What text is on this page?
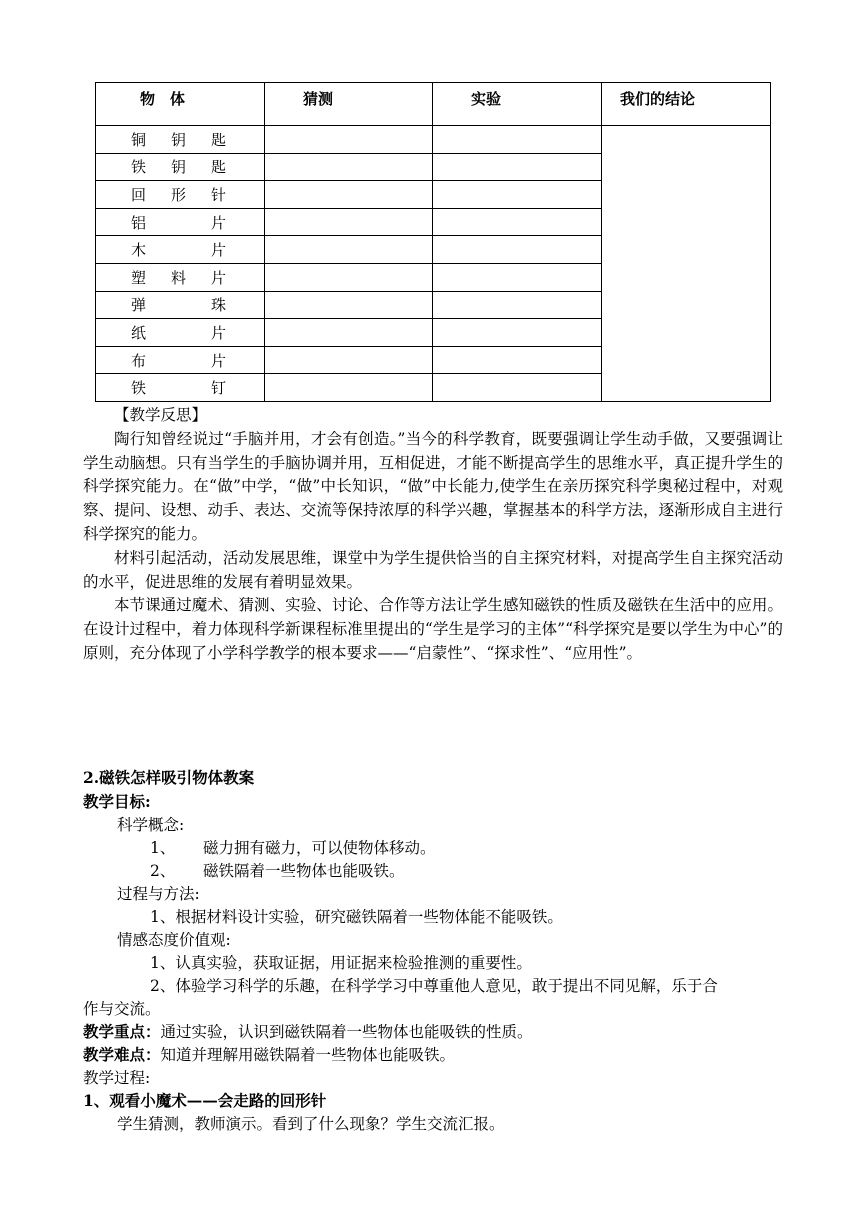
物　体	猜测	实验	我们的结论

铜 钥 匙			

铁 钥 匙			

回 形 针			

铝 片			

木 片			

塑 料 片			

弹 珠			

纸 片			

布 片			

铁 钉			

【教学反思】

陶行知曾经说过“手脑并用，才会有创造。”当今的科学教育，既要强调让学生动手做，又要强调让学生动脑想。只有当学生的手脑协调并用，互相促进，才能不断提高学生的思维水平，真正提升学生的科学探究能力。在“做”中学，“做”中长知识，“做”中长能力,使学生在亲历探究科学奥秘过程中，对观察、提问、设想、动手、表达、交流等保持浓厚的科学兴趣，掌握基本的科学方法，逐渐形成自主进行科学探究的能力。

材料引起活动，活动发展思维，课堂中为学生提供恰当的自主探究材料，对提高学生自主探究活动的水平，促进思维的发展有着明显效果。

本节课通过魔术、猜测、实验、讨论、合作等方法让学生感知磁铁的性质及磁铁在生活中的应用。在设计过程中，着力体现科学新课程标准里提出的“学生是学习的主体”“科学探究是要以学生为中心”的原则，充分体现了小学科学教学的根本要求——“启蒙性”、“探求性”、“应用性”。

2.磁铁怎样吸引物体教案
教学目标:
科学概念:
1、 磁力拥有磁力，可以使物体移动。
2、 磁铁隔着一些物体也能吸铁。
过程与方法:
1、根据材料设计实验，研究磁铁隔着一些物体能不能吸铁。
情感态度价值观:
1、认真实验，获取证据，用证据来检验推测的重要性。
2、体验学习科学的乐趣，在科学学习中尊重他人意见，敢于提出不同见解，乐于合
作与交流。
教学重点：通过实验，认识到磁铁隔着一些物体也能吸铁的性质。
教学难点：知道并理解用磁铁隔着一些物体也能吸铁。
教学过程:
1、观看小魔术——会走路的回形针
学生猜测，教师演示。看到了什么现象？学生交流汇报。
